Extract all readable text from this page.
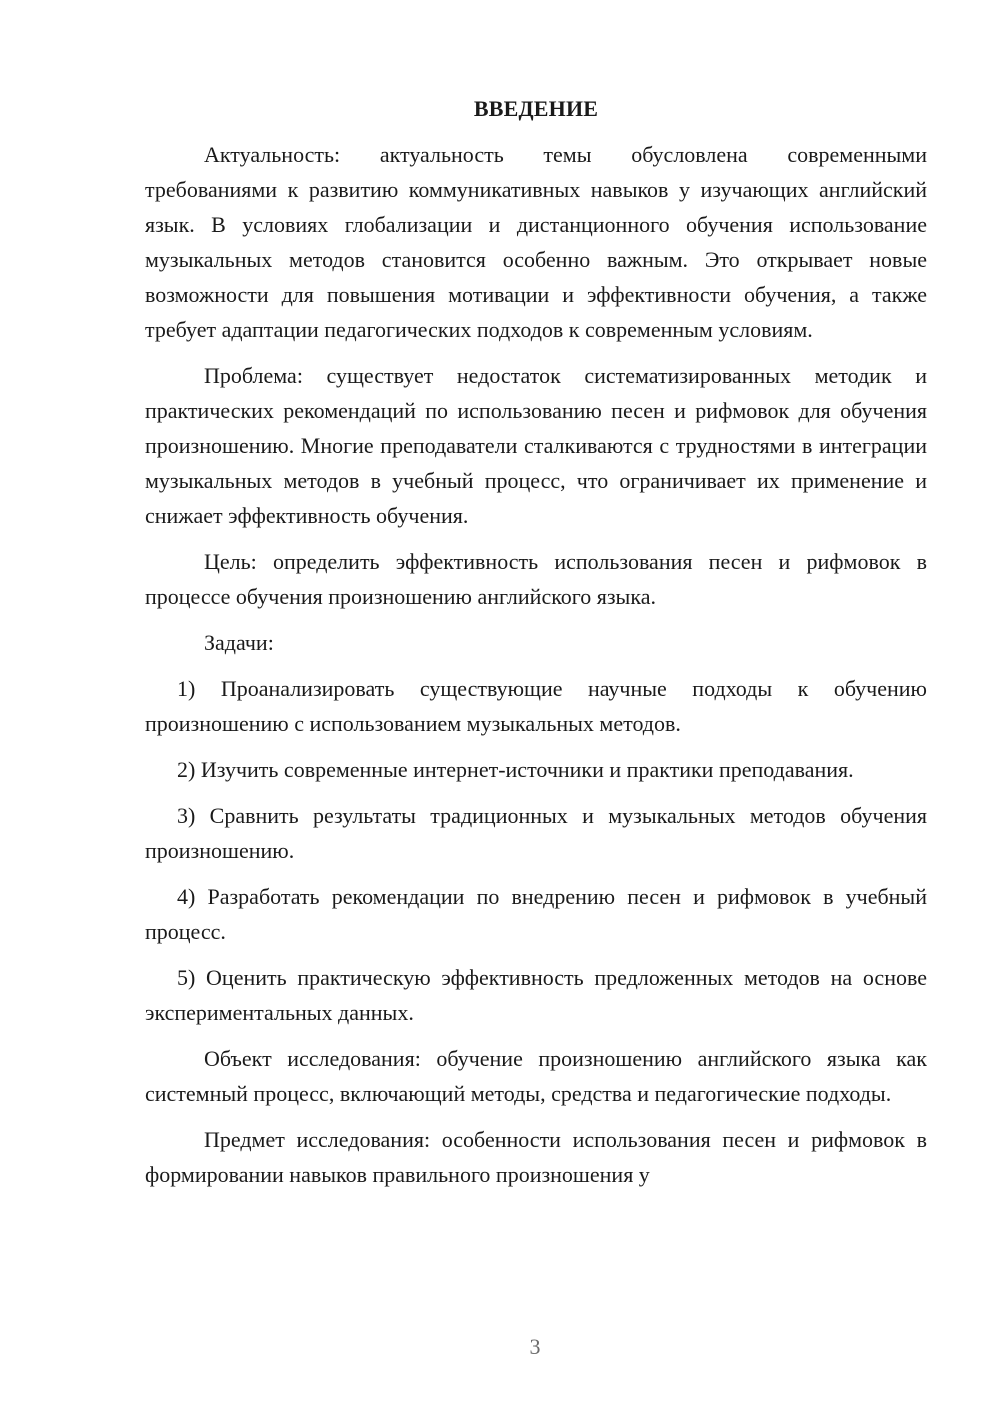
ВВЕДЕНИЕ

Актуальность: актуальность темы обусловлена современными требованиями к развитию коммуникативных навыков у изучающих английский язык. В условиях глобализации и дистанционного обучения использование музыкальных методов становится особенно важным. Это открывает новые возможности для повышения мотивации и эффективности обучения, а также требует адаптации педагогических подходов к современным условиям.

Проблема: существует недостаток систематизированных методик и практических рекомендаций по использованию песен и рифмовок для обучения произношению. Многие преподаватели сталкиваются с трудностями в интеграции музыкальных методов в учебный процесс, что ограничивает их применение и снижает эффективность обучения.

Цель: определить эффективность использования песен и рифмовок в процессе обучения произношению английского языка.

Задачи:

1) Проанализировать существующие научные подходы к обучению произношению с использованием музыкальных методов.

2) Изучить современные интернет-источники и практики преподавания.

3) Сравнить результаты традиционных и музыкальных методов обучения произношению.

4) Разработать рекомендации по внедрению песен и рифмовок в учебный процесс.

5) Оценить практическую эффективность предложенных методов на основе экспериментальных данных.

Объект исследования: обучение произношению английского языка как системный процесс, включающий методы, средства и педагогические подходы.

Предмет исследования: особенности использования песен и рифмовок в формировании навыков правильного произношения у

3
